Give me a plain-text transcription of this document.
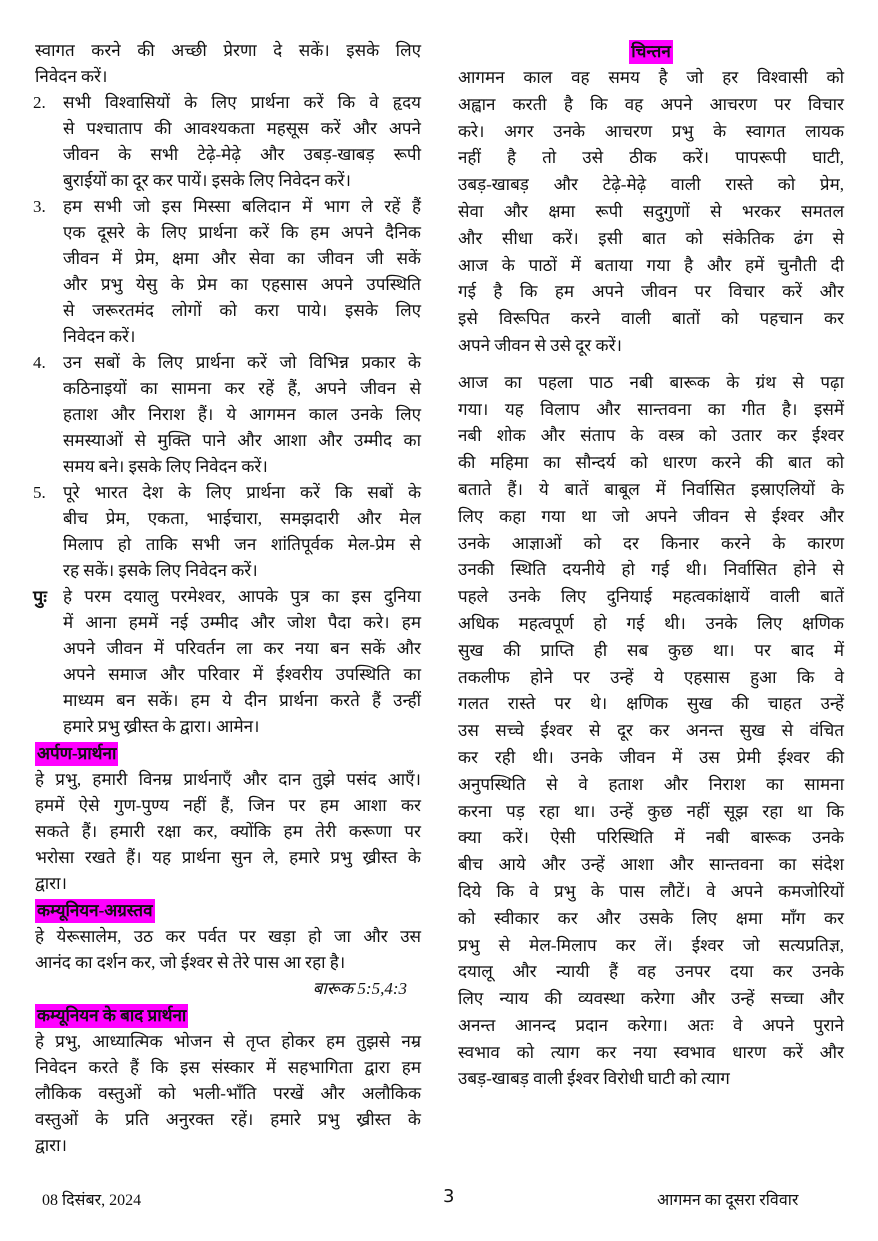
स्वागत करने की अच्छी प्रेरणा दे सकें। इसके लिए
निवेदन करें।
2. सभी विश्वासियों के लिए प्रार्थना करें कि वे हृदय
से पश्चाताप की आवश्यकता महसूस करें और अपने
जीवन के सभी टेढ़े-मेढ़े और उबड़-खाबड़ रूपी
बुराईयों का दूर कर पायें। इसके लिए निवेदन करें।
3. हम सभी जो इस मिस्सा बलिदान में भाग ले रहें हैं
एक दूसरे के लिए प्रार्थना करें कि हम अपने दैनिक
जीवन में प्रेम, क्षमा और सेवा का जीवन जी सकें
और प्रभु येसु के प्रेम का एहसास अपने उपस्थिति
से जरूरतमंद लोगों को करा पाये। इसके लिए
निवेदन करें।
4. उन सबों के लिए प्रार्थना करें जो विभिन्न प्रकार के
कठिनाइयों का सामना कर रहें हैं, अपने जीवन से
हताश और निराश हैं। ये आगमन काल उनके लिए
समस्याओं से मुक्ति पाने और आशा और उम्मीद का
समय बने। इसके लिए निवेदन करें।
5. पूरे भारत देश के लिए प्रार्थना करें कि सबों के
बीच प्रेम, एकता, भाईचारा, समझदारी और मेल
मिलाप हो ताकि सभी जन शांतिपूर्वक मेल-प्रेम से
रह सकें। इसके लिए निवेदन करें।
पुः हे परम दयालु परमेश्वर, आपके पुत्र का इस दुनिया
में आना हममें नई उम्मीद और जोश पैदा करे। हम
अपने जीवन में परिवर्तन ला कर नया बन सकें और
अपने समाज और परिवार में ईश्वरीय उपस्थिति का
माध्यम बन सकें। हम ये दीन प्रार्थना करते हैं उन्हीं
हमारे प्रभु ख्रीस्त के द्वारा। आमेन।
अर्पण-प्रार्थना
हे प्रभु, हमारी विनम्र प्रार्थनाएँ और दान तुझे पसंद आएँ।
हममें ऐसे गुण-पुण्य नहीं हैं, जिन पर हम आशा कर
सकते हैं। हमारी रक्षा कर, क्योंकि हम तेरी करूणा पर
भरोसा रखते हैं। यह प्रार्थना सुन ले, हमारे प्रभु ख्रीस्त के
द्वारा।
कम्यूनियन-अग्रस्तव
हे येरूसालेम, उठ कर पर्वत पर खड़ा हो जा और उस
आनंद का दर्शन कर, जो ईश्वर से तेरे पास आ रहा है।
बारूक 5:5,4:3
कम्यूनियन के बाद प्रार्थना
हे प्रभु, आध्यात्मिक भोजन से तृप्त होकर हम तुझसे नम्र
निवेदन करते हैं कि इस संस्कार में सहभागिता द्वारा हम
लौकिक वस्तुओं को भली-भाँति परखें और अलौकिक
वस्तुओं के प्रति अनुरक्त रहें। हमारे प्रभु ख्रीस्त के
द्वारा।
चिन्तन
आगमन काल वह समय है जो हर विश्वासी को
अह्वान करती है कि वह अपने आचरण पर विचार
करे। अगर उनके आचरण प्रभु के स्वागत लायक
नहीं है तो उसे ठीक करें। पापरूपी घाटी,
उबड़-खाबड़ और टेढ़े-मेढ़े वाली रास्ते को प्रेम,
सेवा और क्षमा रूपी सदुगुणों से भरकर समतल
और सीधा करें। इसी बात को संकेतिक ढंग से
आज के पाठों में बताया गया है और हमें चुनौती दी
गई है कि हम अपने जीवन पर विचार करें और
इसे विरूपित करने वाली बातों को पहचान कर
अपने जीवन से उसे दूर करें।
आज का पहला पाठ नबी बारूक के ग्रंथ से पढ़ा
गया। यह विलाप और सान्तवना का गीत है। इसमें
नबी शोक और संताप के वस्त्र को उतार कर ईश्वर
की महिमा का सौन्दर्य को धारण करने की बात को
बताते हैं। ये बातें बाबूल में निर्वासित इस्राएलियों के
लिए कहा गया था जो अपने जीवन से ईश्वर और
उनके आज्ञाओं को दर किनार करने के कारण
उनकी स्थिति दयनीये हो गई थी। निर्वासित होने से
पहले उनके लिए दुनियाई महत्वकांक्षायें वाली बातें
अधिक महत्वपूर्ण हो गई थी। उनके लिए क्षणिक
सुख की प्राप्ति ही सब कुछ था। पर बाद में
तकलीफ होने पर उन्हें ये एहसास हुआ कि वे
गलत रास्ते पर थे। क्षणिक सुख की चाहत उन्हें
उस सच्चे ईश्वर से दूर कर अनन्त सुख से वंचित
कर रही थी। उनके जीवन में उस प्रेमी ईश्वर की
अनुपस्थिति से वे हताश और निराश का सामना
करना पड़ रहा था। उन्हें कुछ नहीं सूझ रहा था कि
क्या करें। ऐसी परिस्थिति में नबी बारूक उनके
बीच आये और उन्हें आशा और सान्तवना का संदेश
दिये कि वे प्रभु के पास लौटें। वे अपने कमजोरियों
को स्वीकार कर और उसके लिए क्षमा माँग कर
प्रभु से मेल-मिलाप कर लें। ईश्वर जो सत्यप्रतिज्ञ,
दयालू और न्यायी हैं वह उनपर दया कर उनके
लिए न्याय की व्यवस्था करेगा और उन्हें सच्चा और
अनन्त आनन्द प्रदान करेगा। अतः वे अपने पुराने
स्वभाव को त्याग कर नया स्वभाव धारण करें और
उबड़-खाबड़ वाली ईश्वर विरोधी घाटी को त्याग
08 दिसंबर, 2024	3	आगमन का दूसरा रविवार
